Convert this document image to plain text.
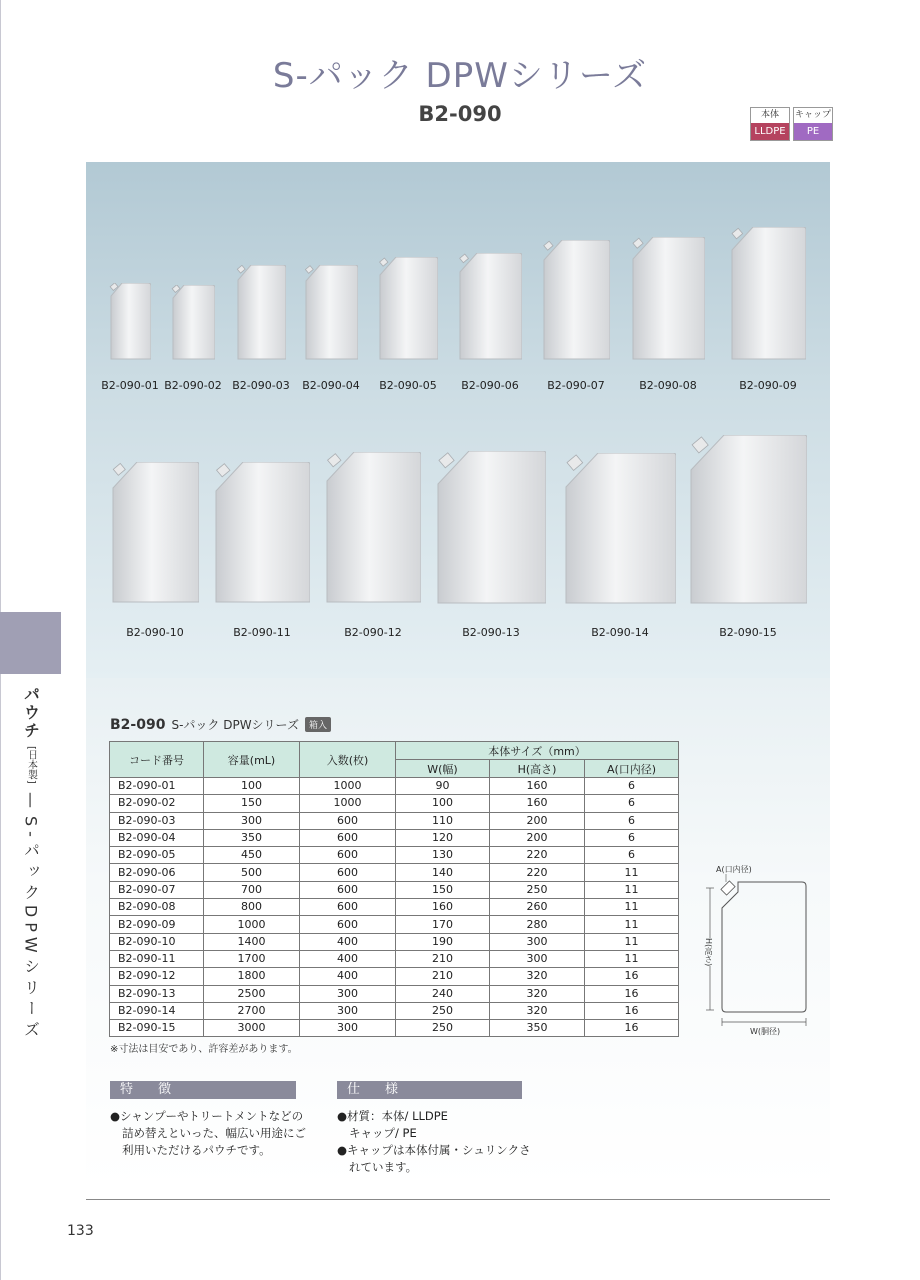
S-パック DPWシリーズ
B2-090	本体
LLDPE
キャップ
PE
B2-090-01 B2-090-02 B2-090-03 B2-090-04 B2-090-05 B2-090-06	B2-090-07	B2-090-08	B2-090-09
B2-090-10	B2-090-11	B2-090-12	B2-090-13	B2-090-14	B2-090-15
B2-090 S-パック DPWシリーズ	箱入
コード番号	容量(mL)	入数(枚)	本体サイズ（mm）		
			W(幅)	H(高さ)	A(口内径)
B2-090-01	100	1000	90	160	6
B2-090-02	150	1000	100	160	6
B2-090-03	300	600	110	200	6
B2-090-04	350	600	120	200	6
B2-090-05	450	600	130	220	6
B2-090-06	500	600	140	220	11
B2-090-07	700	600	150	250	11
B2-090-08	800	600	160	260	11
B2-090-09	1000	600	170	280	11
B2-090-10	1400	400	190	300	11
B2-090-11	1700	400	210	300	11
B2-090-12	1800	400	210	320	16
B2-090-13	2500	300	240	320	16
B2-090-14	2700	300	250	320	16
B2-090-15	3000	300	250	350	16
※寸法は目安であり、許容差があります。
A(口内径)
H(高さ)
W(胴径)
特　徴
●シャンプーやトリートメントなどの
詰め替えといった、幅広い用途にご
利用いただけるパウチです。
仕　様
●材質：本体/ LLDPE
キャップ/ PE
●キャップは本体付属・シュリンクさ
れています。
133
パウチ
[日本製]
—
S-パックDPWシリーズ
